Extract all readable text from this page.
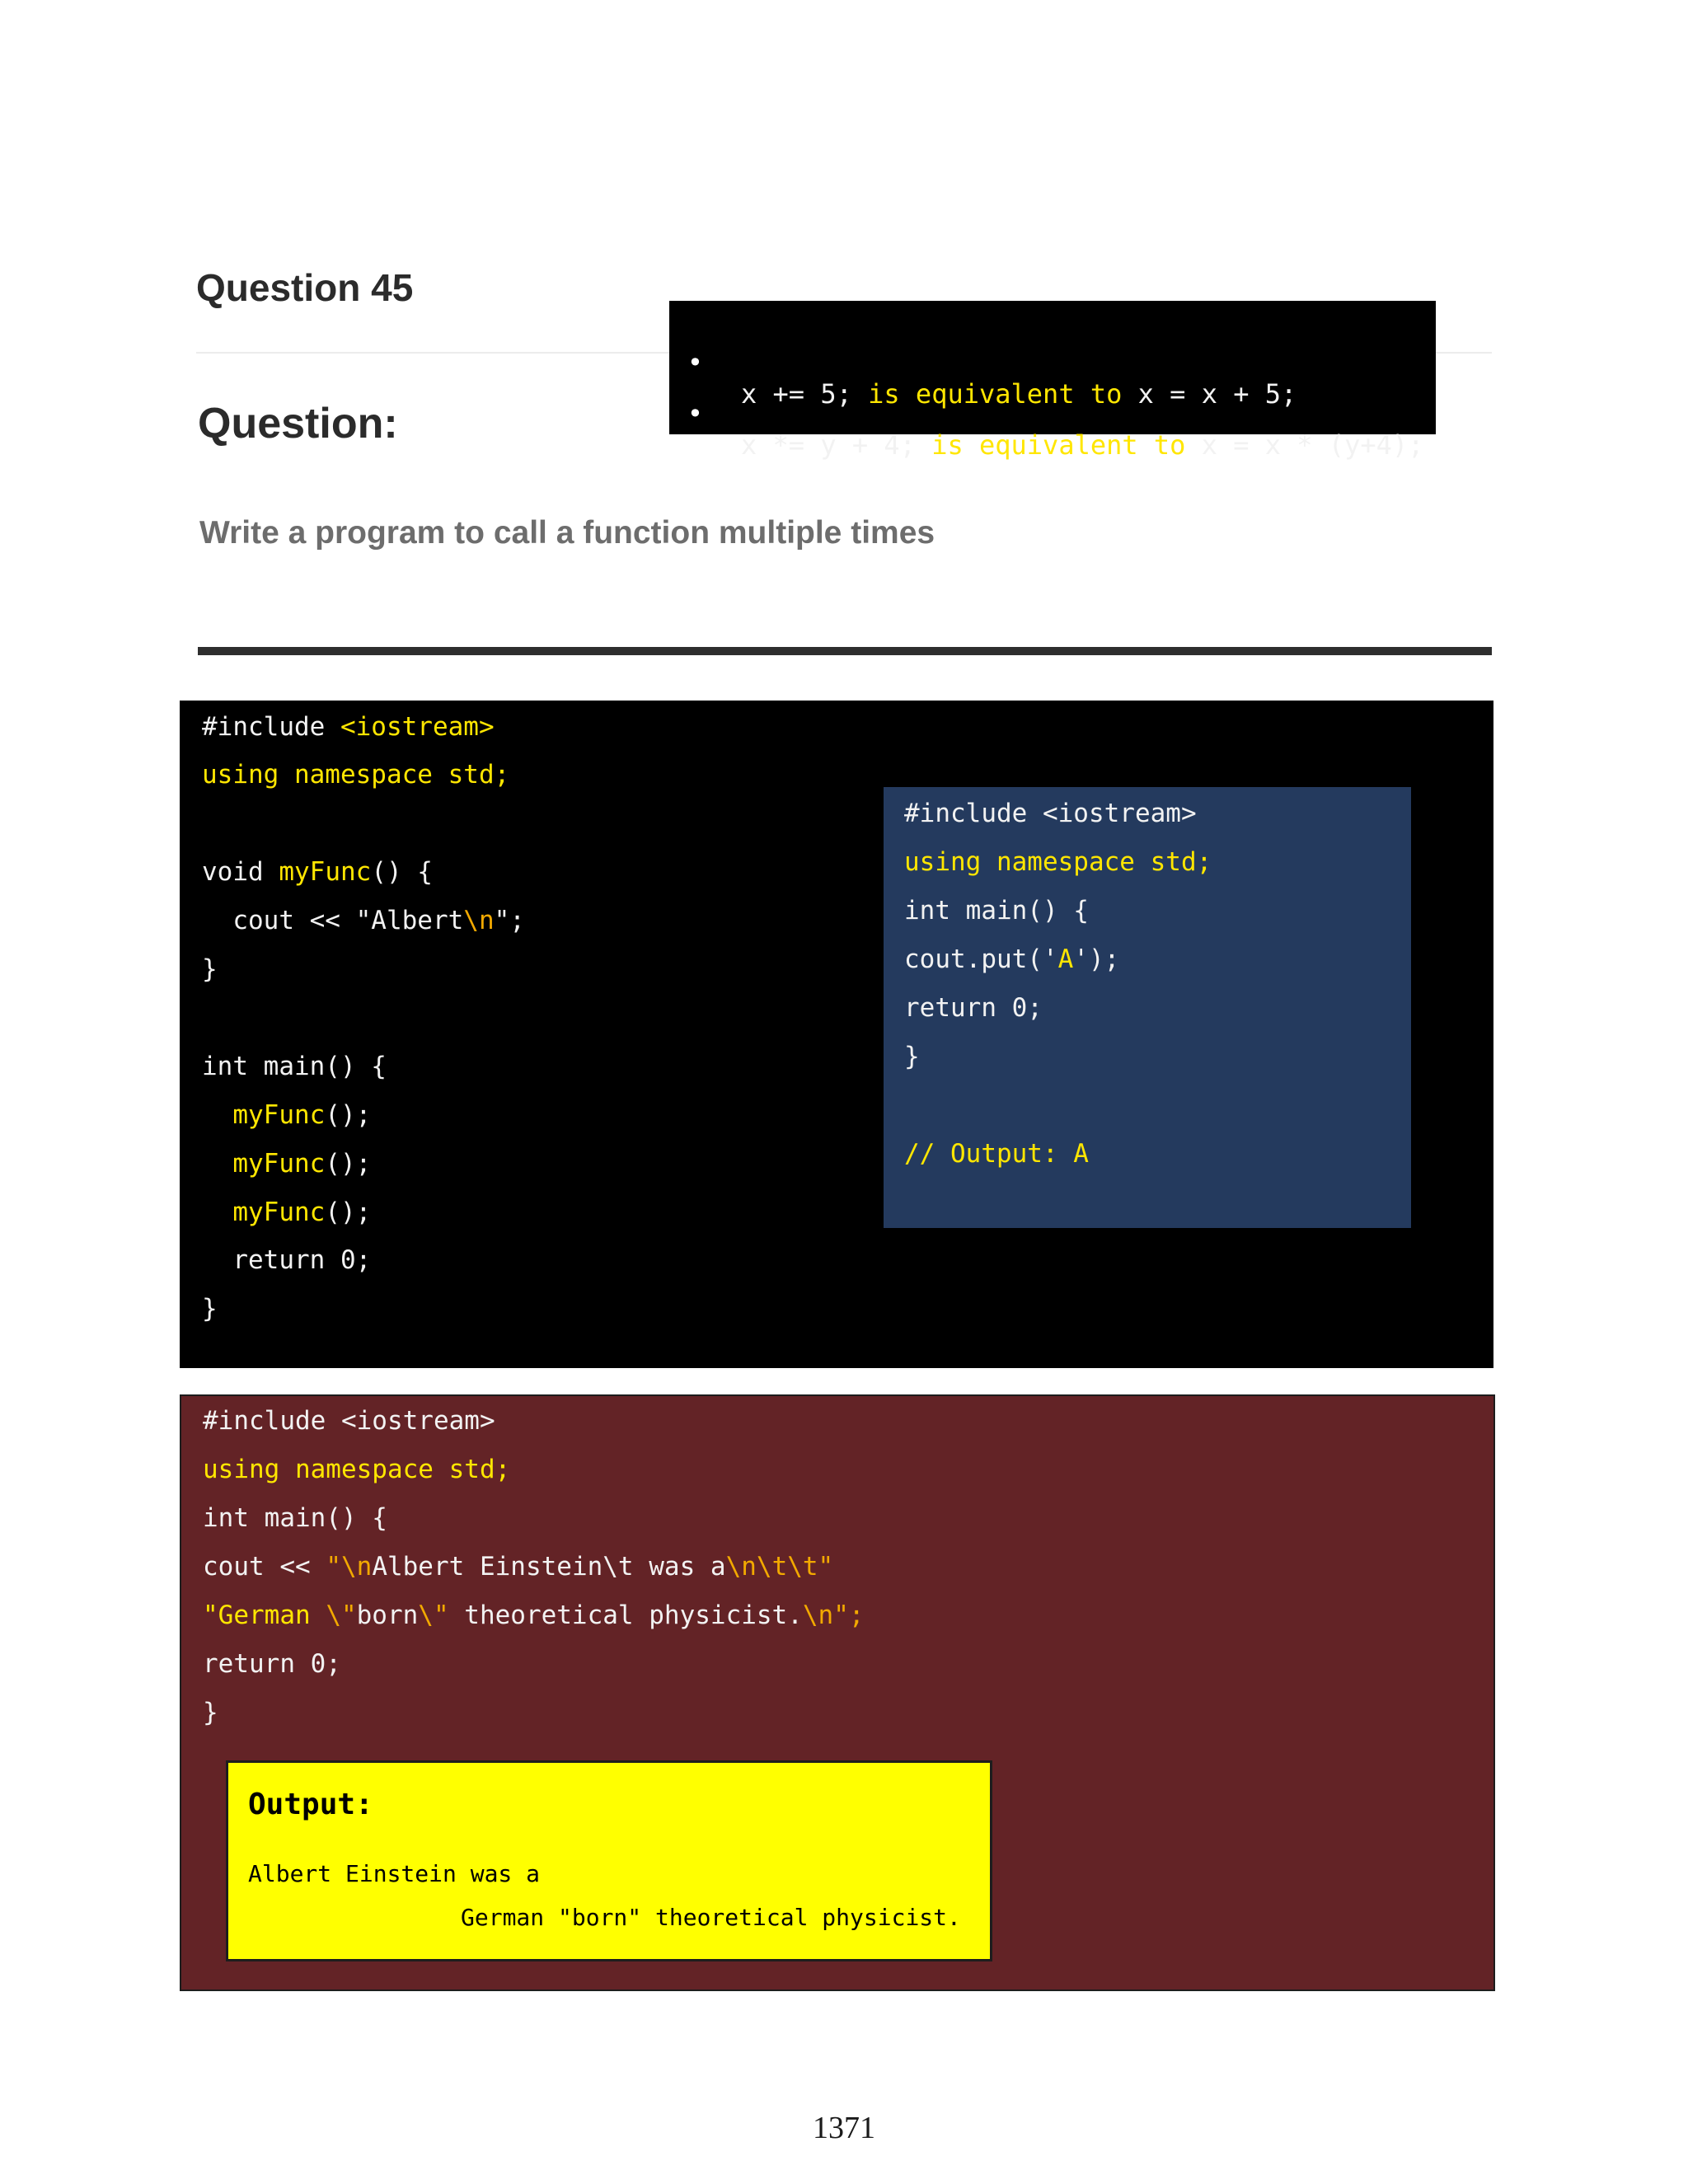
Question 45
Question:
Write a program to call a function multiple times

•

x += 5; is equivalent to x = x + 5;

•

x *= y + 4; is equivalent to x = x * (y+4);

#include <iostream>
using namespace std;
void myFunc() {
cout << "Albert\n";
}
int main() {
myFunc();
myFunc();
myFunc();
return 0;
}
#include <iostream>
using namespace std;
int main() {
cout.put('A');
return 0;
}
// Output: A
#include <iostream>
using namespace std;
int main() {
cout << "\nAlbert Einstein\t was a\n\t\t"
"German \"born\" theoretical physicist.\n";
return 0;
}
Output:
Albert Einstein was a
German "born" theoretical physicist.
1371
